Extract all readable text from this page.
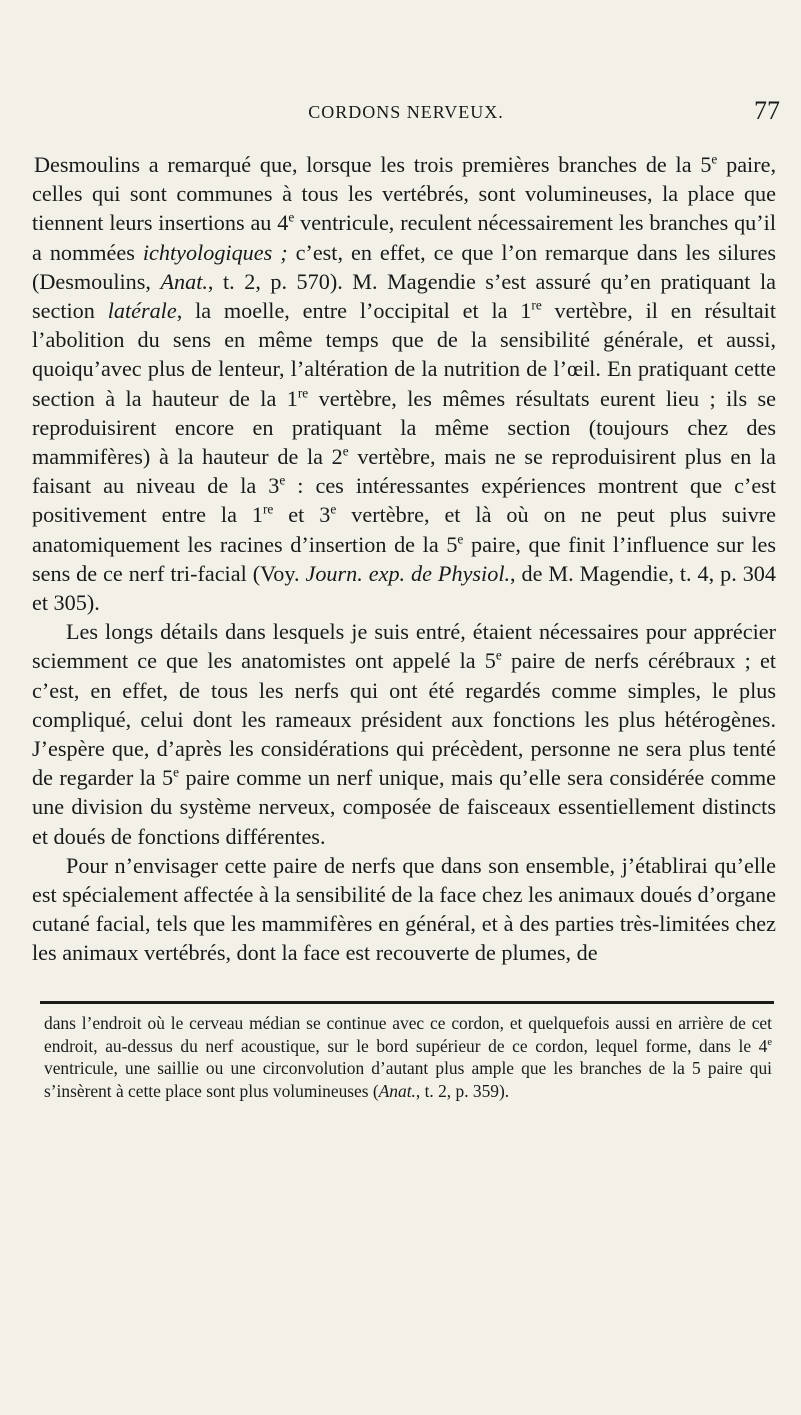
CORDONS NERVEUX.	77

Desmoulins a remarqué que, lorsque les trois premières branches de la 5e paire, celles qui sont communes à tous les vertébrés, sont volumineuses, la place que tiennent leurs insertions au 4e ventricule, reculent nécessairement les branches qu’il a nommées ichtyologiques ; c’est, en effet, ce que l’on remarque dans les silures (Desmoulins, Anat., t. 2, p. 570). M. Magendie s’est assuré qu’en pratiquant la section latérale, la moelle, entre l’occipital et la 1re vertèbre, il en résultait l’abolition du sens en même temps que de la sensibilité générale, et aussi, quoiqu’avec plus de lenteur, l’altération de la nutrition de l’œil. En pratiquant cette section à la hauteur de la 1re vertèbre, les mêmes résultats eurent lieu ; ils se reproduisirent encore en pratiquant la même section (toujours chez des mammifères) à la hauteur de la 2e vertèbre, mais ne se reproduisirent plus en la faisant au niveau de la 3e : ces intéressantes expériences montrent que c’est positivement entre la 1re et 3e vertèbre, et là où on ne peut plus suivre anatomiquement les racines d’insertion de la 5e paire, que finit l’influence sur les sens de ce nerf tri-facial (Voy. Journ. exp. de Physiol., de M. Magendie, t. 4, p. 304 et 305).

Les longs détails dans lesquels je suis entré, étaient nécessaires pour apprécier sciemment ce que les anatomistes ont appelé la 5e paire de nerfs cérébraux ; et c’est, en effet, de tous les nerfs qui ont été regardés comme simples, le plus compliqué, celui dont les rameaux président aux fonctions les plus hétérogènes. J’espère que, d’après les considérations qui précèdent, personne ne sera plus tenté de regarder la 5e paire comme un nerf unique, mais qu’elle sera considérée comme une division du système nerveux, composée de faisceaux essentiellement distincts et doués de fonctions différentes.

Pour n’envisager cette paire de nerfs que dans son ensemble, j’établirai qu’elle est spécialement affectée à la sensibilité de la face chez les animaux doués d’organe cutané facial, tels que les mammifères en général, et à des parties très-limitées chez les animaux vertébrés, dont la face est recouverte de plumes, de

dans l’endroit où le cerveau médian se continue avec ce cordon, et quelquefois aussi en arrière de cet endroit, au-dessus du nerf acoustique, sur le bord supérieur de ce cordon, lequel forme, dans le 4e ventricule, une saillie ou une circonvolution d’autant plus ample que les branches de la 5 paire qui s’insèrent à cette place sont plus volumineuses (Anat., t. 2, p. 359).
